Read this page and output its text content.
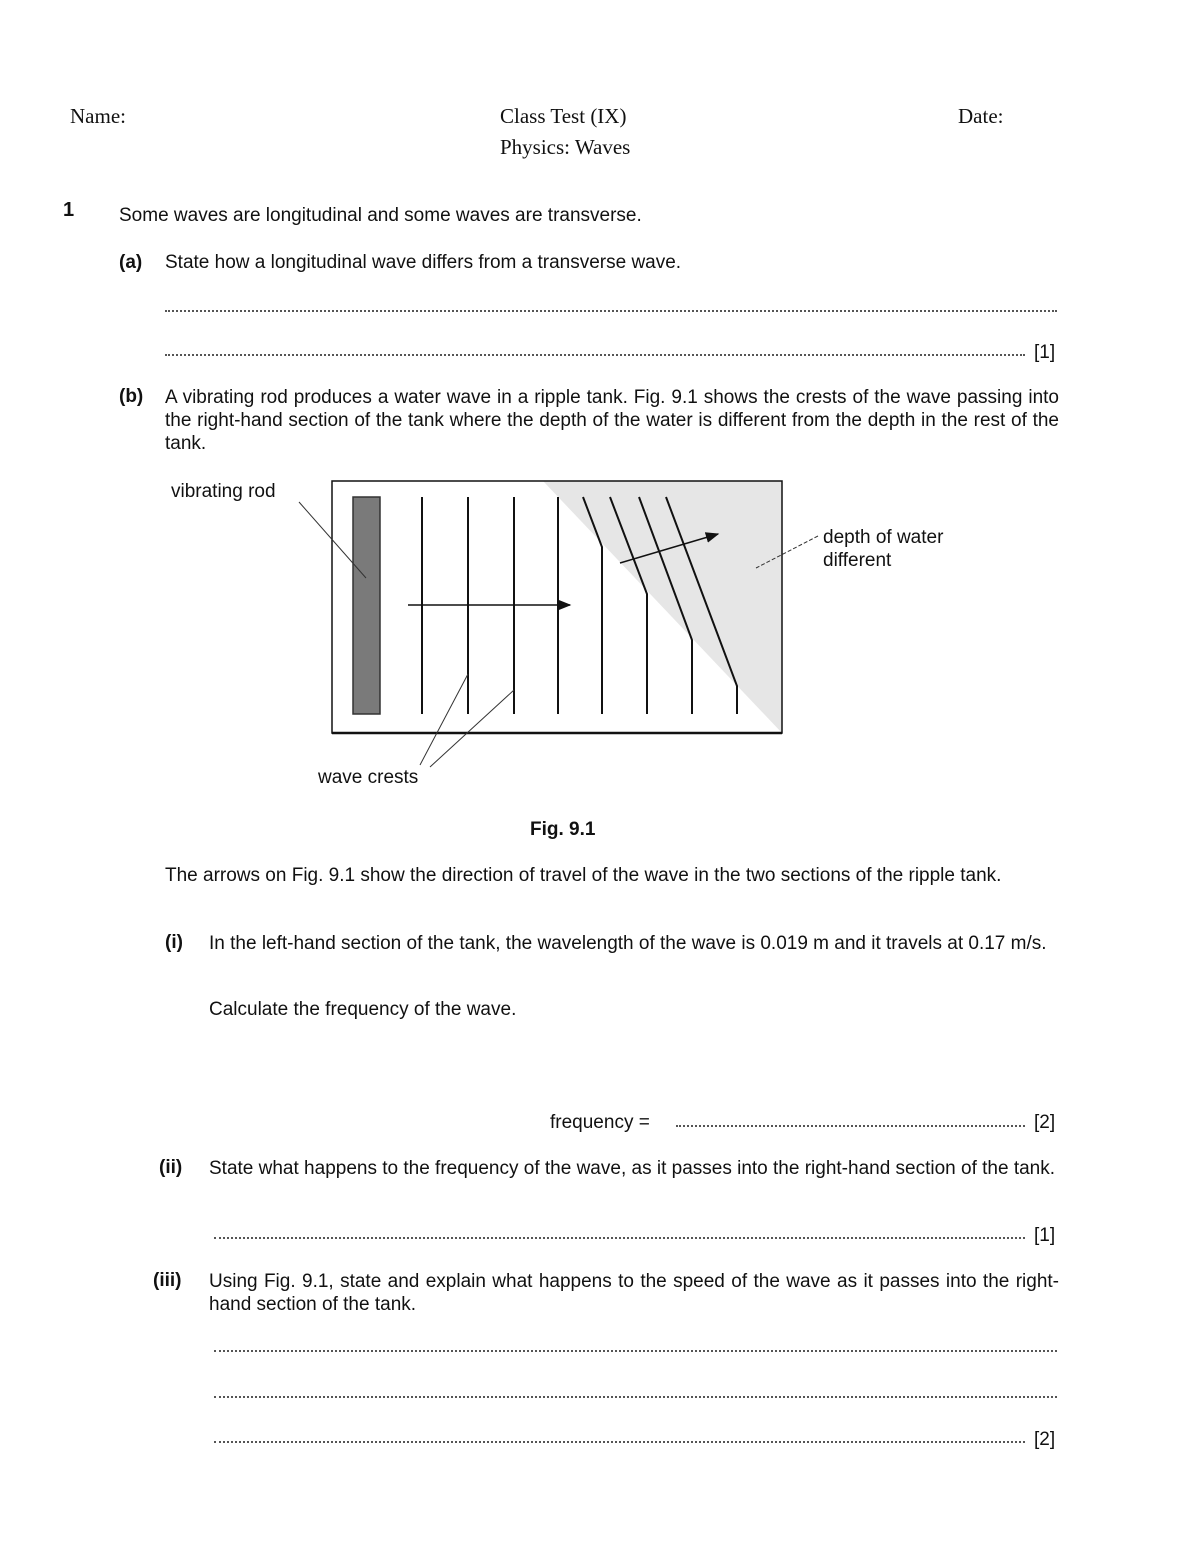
Name:	Class Test (IX)
Physics: Waves
Date:
1 Some waves are longitudinal and some waves are transverse.
(a) State how a longitudinal wave differs from a transverse wave.
[1]
(b) A vibrating rod produces a water wave in a ripple tank. Fig. 9.1 shows the crests of the wave passing into the right-hand section of the tank where the depth of the water is different from the depth in the rest of the tank.
vibrating rod
depth of water
different
wave crests
Fig. 9.1
The arrows on Fig. 9.1 show the direction of travel of the wave in the two sections of the ripple tank.
(i) In the left-hand section of the tank, the wavelength of the wave is 0.019 m and it travels at 0.17 m/s.
Calculate the frequency of the wave.
frequency =	[2]
(ii) State what happens to the frequency of the wave, as it passes into the right-hand section of the tank.
[1]
(iii) Using Fig. 9.1, state and explain what happens to the speed of the wave as it passes into the right-hand section of the tank.
[2]
